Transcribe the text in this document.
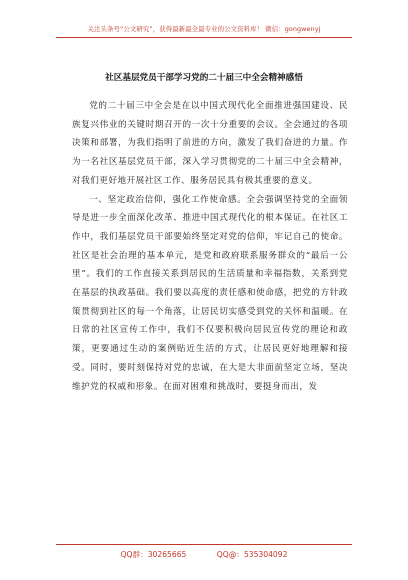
关注头条号“公文研究”，获得最新最全最专业的公文资料库！ 微信：gongwenyj
社区基层党员干部学习党的二十届三中全会精神感悟

党的二十届三中全会是在以中国式现代化全面推进强国建设、民族复兴伟业的关键时期召开的一次十分重要的会议。全会通过的各项决策和部署，为我们指明了前进的方向，激发了我们奋进的力量。作为一名社区基层党员干部，深入学习贯彻党的二十届三中全会精神，对我们更好地开展社区工作、服务居民具有极其重要的意义。

一、坚定政治信仰，强化工作使命感。全会强调坚持党的全面领导是进一步全面深化改革、推进中国式现代化的根本保证。在社区工作中，我们基层党员干部要始终坚定对党的信仰，牢记自己的使命。社区是社会治理的基本单元，是党和政府联系服务群众的“最后一公里”。我们的工作直接关系到居民的生活质量和幸福指数，关系到党在基层的执政基础。我们要以高度的责任感和使命感，把党的方针政策贯彻到社区的每一个角落，让居民切实感受到党的关怀和温暖。在日常的社区宣传工作中，我们不仅要积极向居民宣传党的理论和政策，更要通过生动的案例贴近生活的方式，让居民更好地理解和接受。同时，要时刻保持对党的忠诚，在大是大非面前坚定立场，坚决维护党的权威和形象。在面对困难和挑战时，要挺身而出，发

QQ群：30265665	QQ@：535304092
